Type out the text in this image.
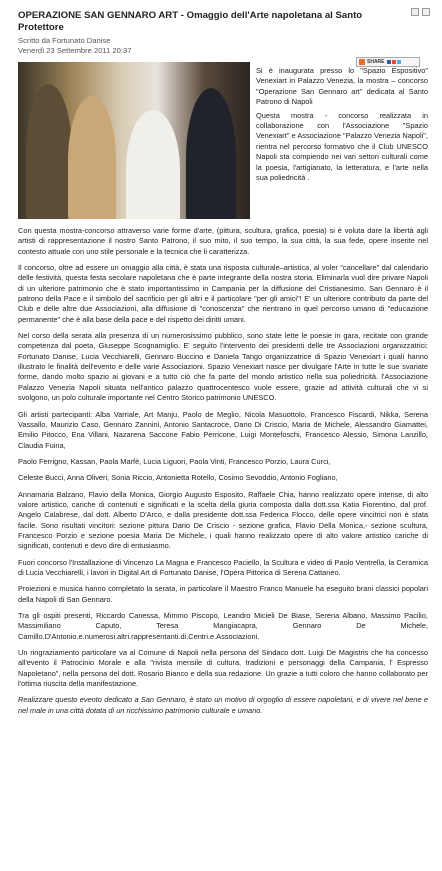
OPERAZIONE SAN GENNARO ART - Omaggio dell'Arte napoletana al Santo Protettore
Scritto da Fortunato Danise
Venerdì 23 Settembre 2011 20:37
SHARE

Si è inaugurata presso lo "Spazio Espositivo" Venexiart in Palazzo Venezia, la mostra – concorso "Operazione San Gennaro art" dedicata al Santo Patrono di Napoli

Questa mostra - concorso realizzata in collaborazione con l'Associazione "Spazio Venexiart" e Associazione "Palazzo Venezia Napoli", rientra nel percorso formativo che il Club UNESCO Napoli sta compiendo nei vari settori culturali come la poesia, l'artigianato, la letteratura, e l'arte nella sua poliedricità .

Con questa mostra-concorso attraverso varie forme d'arte, (pittura, scultura, grafica, poesia) si è voluta dare la libertà agli artisti di rappresentazione il nostro Santo Patrono, il suo mito, il suo tempo, la sua città, la sua fede, opere inserite nel contesto attuale con uno stile personale e la tecnica che li caratterizza.

Il concorso, oltre ad essere un omaggio alla città, è stata una risposta culturale–artistica, al voler "cancellare" dal calendario delle festività, questa festa secolare napoletana che è parte integrante della nostra storia. Eliminarla vuol dire privare Napoli di un ulteriore patrimonio che è stato importantissimo in Campania per la diffusione del Cristianesimo. San Gennaro è il patrono della Pace e il simbolo del sacrificio per gli altri e il particolare "per gli amici"! E' un ulteriore contributo da parte del Club e delle altre due Associazioni, alla diffusione di "conoscenza" che rientrano in quel percorso umano di "educazione permanente" che è alla base della pace e del rispetto dei diritti umani.

Nel corso della serata alla presenza di un numerosissimo pubblico, sono state lette le poesie in gara, recitate con grande competenza dal poeta, Giuseppe Scognamiglio. E' seguito l'intervento dei presidenti delle tre Associazioni organizzatrici: Fortunato Danise, Lucia Vecchiarelli, Gennaro Buccino e Daniela Tango organizzatrice di Spazio Venexiart i quali hanno illustrato le finalità dell'evento e delle varie Associazioni. Spazio Venexiart nasce per divulgare l'Arte in tutte le sue svariate forme, dando molto spazio ai giovani e a tutto ciò che fa parte del mondo artistico nella sua poliedricità. l'Associazione Palazzo Venezia Napoli situata nell'antico palazzo quattrocentesco vuole essere, grazie ad attività culturali che vi si svolgono, un polo culturale importante nel Centro Storico patrimonio UNESCO.

Gli artisti partecipanti: Alba Varriale, Art Manju, Paolo de Meglio, Nicola Masuottolo, Francesco Fiscardi, Nikka, Serena Vassallo, Maurizio Caso, Gennaro Zannini, Antonio Santacroce, Dario Di Criscio, Maria de Michele, Alessandro Giamattei, Emilio Pitocco, Ena Villani, Nazarena Saccone Fabio Perricone, Luigi Montefoschi, Francesco Alessio, Simona Lanzillo, Claudia Fuina,

Paolo Ferrigno, Kassan, Paola Marfè, Lucia Liguori, Paola Vinti, Francesco Porzio, Laura Curci,

Celeste Bucci, Anna Oliveri, Sonia Riccio, Antonietta Rotello, Cosimo Sevoddio, Antonio Fogliano,

Annamaria Balzano, Flavio della Monica, Giorgio Augusto Esposito, Raffaele Chia, hanno realizzato opere intense, di alto valore artistico, cariche di contenuti e significati e la scelta della giuria composta dalla dott.ssa Katia Fiorentino, dal prof. Angelo Calabrese, dal dott. Alberto D'Arco, e dalla presidente dott.ssa Federica Flocco, delle opere vincitrici non è stata facile. Sono risultati vincitori: sezione pittura Dario De Criscio - sezione grafica, Flavio Della Monica,- sezione scultura, Francesco Porzio e sezione poesia Maria De Michele, i quali hanno realizzato opere di alto valore artistico cariche di significati, contenuti e devo dire di entusiasmo.

Fuori concorso l'Installazione di Vincenzo La Magna e Francesco Paciello, la Scultura e video di Paolo Ventrella, la Ceramica di Lucia Vecchiarelli, i lavori in Digital Art di Fortunato Danise, l'Opera Pittorica di Serena Cattaneo.

Proiezioni e musica hanno completato la serata, in particolare il Maestro Franco Manuele ha eseguito brani classici popolari della Napoli di San Gennaro.

Tra gli ospiti presenti, Riccardo Canessa, Mimmo Piscopo, Leandro Micieli De Biase, Serena Albano, Massimo Pacilio, Massimiliano Caputo, Teresa Mangiacapra, Gennaro De Michele, Camillo.D'Antonio.e.numerosi.altri.rappresentanti.di.Centri.e.Associazioni.

Un ringraziamento particolare va al Comune di Napoli nella persona del Sindaco dott. Luigi De Magistris che ha concesso all'evento il Patrocinio Morale e alla "rivista mensile di cultura, tradizioni e personaggi della Campania, l' Espresso Napoletano", nella persona del dott. Rosario Bianco e della sua redazione. Un grazie a tutti coloro che hanno collaborato per l'ottima riuscita della manifestazione.

Realizzare questo evento dedicato a San Gennaro, è stato un motivo di orgoglio di essere napoletani, e di vivere nel bene e nel male in una città dotata di un ricchissimo patrimonio culturale e umano.
